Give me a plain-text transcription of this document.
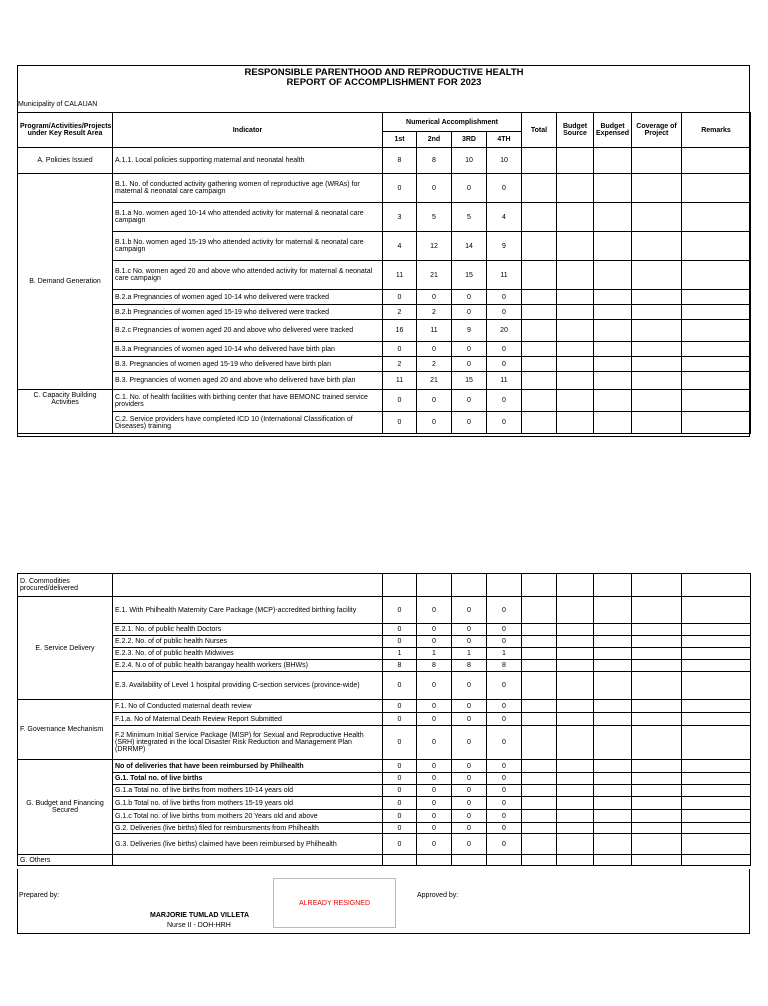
RESPONSIBLE PARENTHOOD AND REPRODUCTIVE HEALTH
REPORT OF ACCOMPLISHMENT FOR 2023
Municipality of CALAUAN
Program/Activities/Projects under Key Result Area	Indicator	Numerical Accomplishment				Total	Budget Source	Budget Expensed	Coverage of Project	Remarks
		1st	2nd	3RD	4TH					
A. Policies Issued	A.1.1. Local policies supporting maternal and neonatal health	8	8	10	10					
B. Demand Generation	B.1. No. of conducted activity gathering women of reproductive age (WRAs) for maternal & neonatal care campaign	0	0	0	0					
	B.1.a No. women aged 10-14 who attended activity for maternal & neonatal care campaign	3	5	5	4					
	B.1.b No. women aged 15-19 who attended activity for maternal & neonatal care campaign	4	12	14	9					
	B.1.c No. women aged 20 and above who attended activity for maternal & neonatal care campaign	11	21	15	11					
	B.2.a Pregnancies of women aged 10-14 who delivered were tracked	0	0	0	0					
	B.2.b Pregnancies of women aged 15-19 who delivered were tracked	2	2	0	0					
	B.2.c Pregnancies of women aged 20 and above who delivered were tracked	16	11	9	20					
	B.3.a Pregnancies of women aged 10-14 who delivered have birth plan	0	0	0	0					
	B.3. Pregnancies of women aged 15-19 who delivered have birth plan	2	2	0	0					
	B.3. Pregnancies of women aged 20 and above who delivered have birth plan	11	21	15	11					
C. Capacity Building Activities	C.1. No. of health facilities with birthing center that have BEMONC trained service providers	0	0	0	0					
	C.2. Service providers have completed ICD 10 (International Classification of Diseases) training	0	0	0	0					
D. Commodities procured/delivered										
E. Service Delivery	E.1. With Philhealth Maternity Care Package (MCP)-accredited birthing facility	0	0	0	0					
	E.2.1. No. of public health Doctors	0	0	0	0					
	E.2.2. No. of of public health Nurses	0	0	0	0					
	E.2.3. No. of of public health Midwives	1	1	1	1					
	E.2.4. N.o of of public health barangay health workers (BHWs)	8	8	8	8					
	E.3. Availability of Level 1 hospital providing C-section services (province-wide)	0	0	0	0					
F. Governance Mechanism	F.1. No of Conducted maternal death review	0	0	0	0					
	F.1.a. No of Maternal Death Review Report Submitted	0	0	0	0					
	F.2 Minimum Initial Service Package (MISP) for Sexual and Reproductive Health (SRH) integrated in the local Disaster Risk Reduction and Management Plan (DRRMP)	0	0	0	0					
G. Budget and Financing Secured	No of deliveries that have been reimbursed by Philhealth	0	0	0	0					
	G.1. Total no. of live births	0	0	0	0					
	G.1.a Total no. of live births from mothers 10-14 years old	0	0	0	0					
	G.1.b Total no. of live births from mothers 15-19 years old	0	0	0	0					
	G.1.c Total no. of live births from mothers 20 Years old and above	0	0	0	0					
	G.2. Deliveries (live births) filed for reimbursments from Philhealth	0	0	0	0					
	G.3. Deliveries (live births) claimed have been reimbursed by Philhealth	0	0	0	0					
G. Others										
Prepared by:
ALREADY RESIGNED
Approved by:
MARJORIE TUMLAD VILLETA
Nurse II - DOH-HRH
